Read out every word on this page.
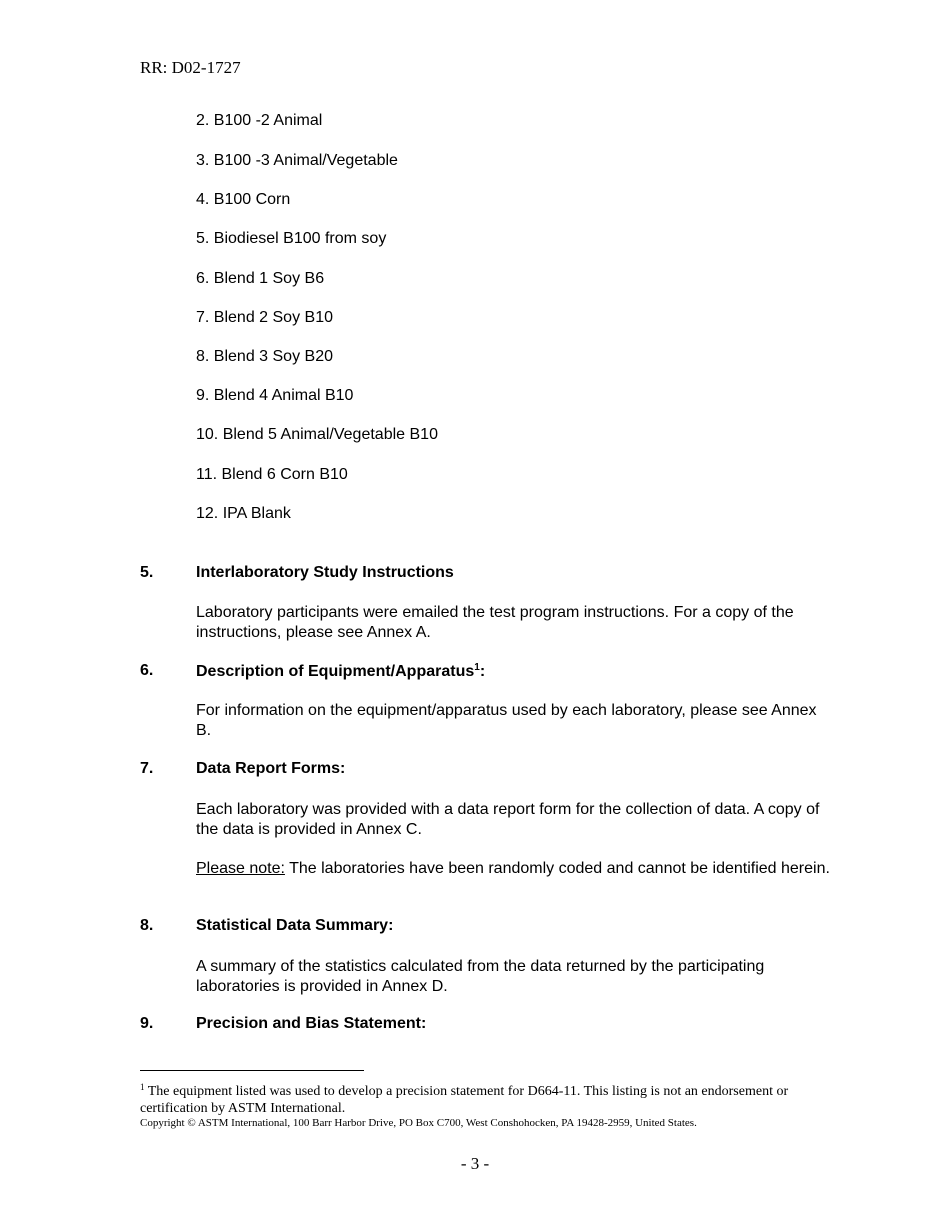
RR: D02-1727
2. B100 -2 Animal
3. B100 -3 Animal/Vegetable
4. B100 Corn
5. Biodiesel B100 from soy
6. Blend 1 Soy B6
7. Blend 2 Soy B10
8. Blend 3 Soy B20
9. Blend 4 Animal B10
10. Blend 5 Animal/Vegetable B10
11. Blend 6 Corn B10
12. IPA Blank
5.	Interlaboratory Study Instructions
Laboratory participants were emailed the test program instructions. For a copy of the instructions, please see Annex A.
6.	Description of Equipment/Apparatus$^1$:
For information on the equipment/apparatus used by each laboratory, please see Annex B.
7.	Data Report Forms:
Each laboratory was provided with a data report form for the collection of data. A copy of the data is provided in Annex C.
Please note: The laboratories have been randomly coded and cannot be identified herein.
8.	Statistical Data Summary:
A summary of the statistics calculated from the data returned by the participating laboratories is provided in Annex D.
9.	Precision and Bias Statement:
$^1$ The equipment listed was used to develop a precision statement for D664-11. This listing is not an endorsement or certification by ASTM International.
Copyright © ASTM International, 100 Barr Harbor Drive, PO Box C700, West Conshohocken, PA 19428-2959, United States.
- 3 -
